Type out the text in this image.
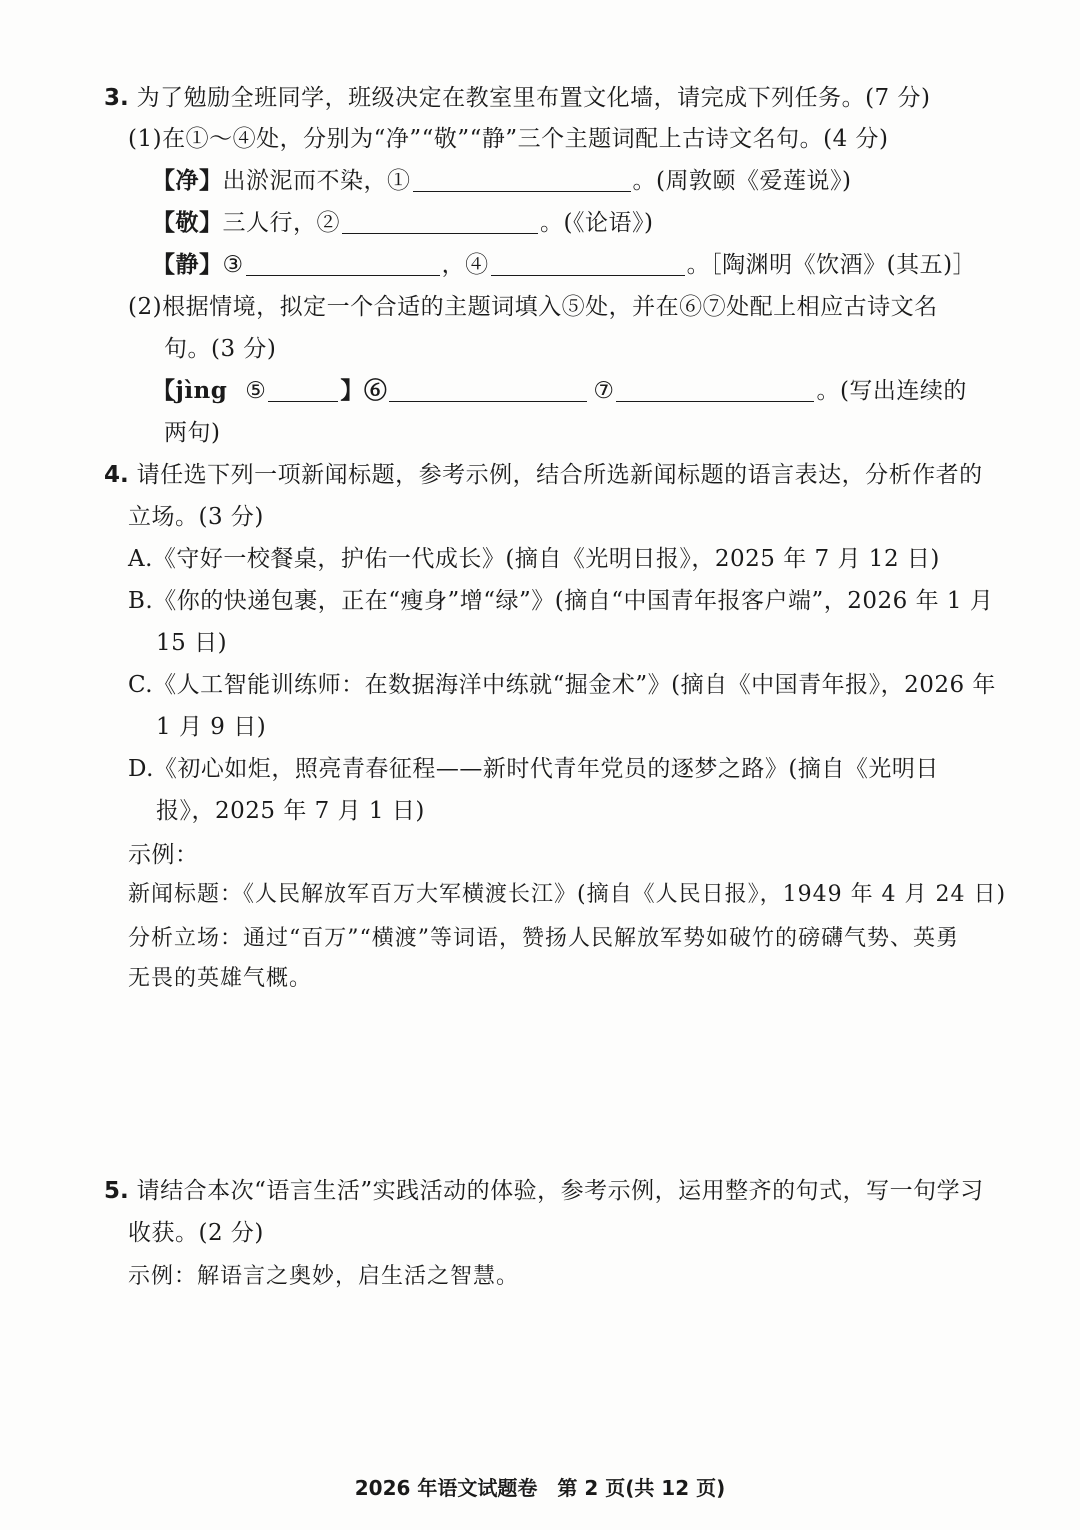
3. 为了勉励全班同学，班级决定在教室里布置文化墙，请完成下列任务。(7 分)
(1)在①～④处，分别为“净”“敬”“静”三个主题词配上古诗文名句。(4 分)
【净】出淤泥而不染，①	。(周敦颐《爱莲说》)
【敬】三人行，②	。(《论语》)
【静】③	，④	。［陶渊明《饮酒》(其五)］
(2)根据情境，拟定一个合适的主题词填入⑤处，并在⑥⑦处配上相应古诗文名
句。(3 分)
【jìng ⑤	】⑥	⑦	。(写出连续的
两句)
4. 请任选下列一项新闻标题，参考示例，结合所选新闻标题的语言表达，分析作者的
立场。(3 分)
A.《守好一校餐桌，护佑一代成长》(摘自《光明日报》，2025 年 7 月 12 日)
B.《你的快递包裹，正在“瘦身”增“绿”》(摘自“中国青年报客户端”，2026 年 1 月
15 日)
C.《人工智能训练师：在数据海洋中练就“掘金术”》(摘自《中国青年报》，2026 年
1 月 9 日)
D.《初心如炬，照亮青春征程——新时代青年党员的逐梦之路》(摘自《光明日
报》，2025 年 7 月 1 日)
示例：
新闻标题：《人民解放军百万大军横渡长江》(摘自《人民日报》，1949 年 4 月 24 日)
分析立场：通过“百万”“横渡”等词语，赞扬人民解放军势如破竹的磅礴气势、英勇
无畏的英雄气概。
5. 请结合本次“语言生活”实践活动的体验，参考示例，运用整齐的句式，写一句学习
收获。(2 分)
示例：解语言之奥妙，启生活之智慧。
2026 年语文试题卷　第 2 页(共 12 页)
